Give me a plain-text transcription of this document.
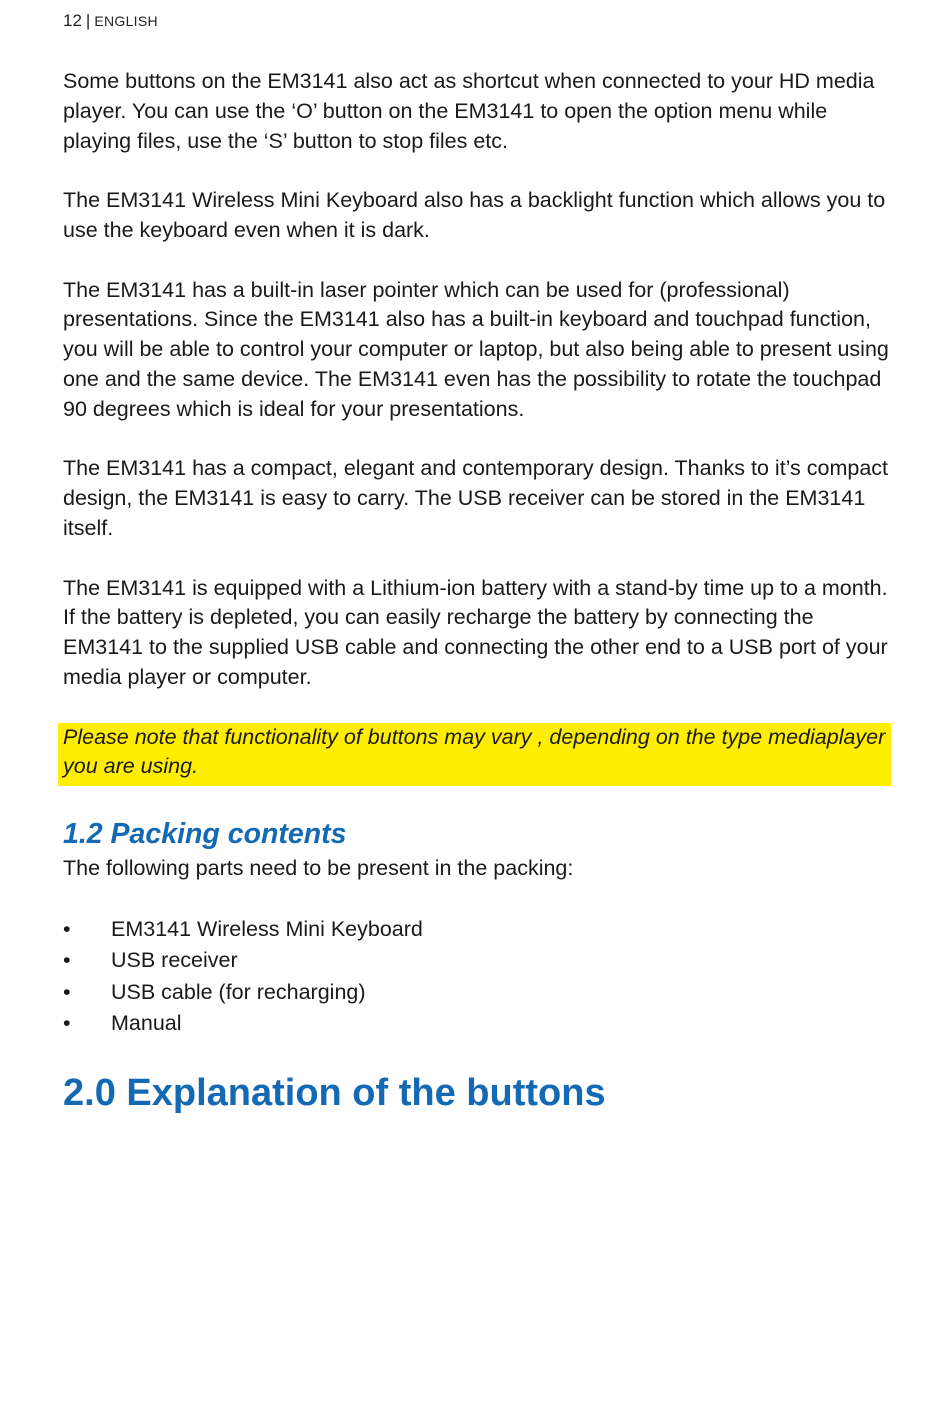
12 | ENGLISH

Some buttons on the EM3141 also act as shortcut when connected to your HD media player. You can use the ‘O’ button on the EM3141 to open the option menu while playing files, use the ‘S’ button to stop files etc.

The EM3141 Wireless Mini Keyboard also has a backlight function which allows you to use the keyboard even when it is dark.

The EM3141 has a built-in laser pointer which can be used for (professional) presentations. Since the EM3141 also has a built-in keyboard and touchpad function, you will be able to control your computer or laptop, but also being able to present using one and the same device. The EM3141 even has the possibility to rotate the touchpad 90 degrees which is ideal for your presentations.

The EM3141 has a compact, elegant and contemporary design. Thanks to it’s compact design, the EM3141 is easy to carry. The USB receiver can be stored in the EM3141 itself.

The EM3141 is equipped with a Lithium-ion battery with a stand-by time up to a month. If the battery is depleted, you can easily recharge the battery by connecting the EM3141 to the supplied USB cable and connecting the other end to a USB port of your media player or computer.

Please note that functionality of buttons may vary , depending on the type mediaplayer you are using.
1.2 Packing contents

The following parts need to be present in the packing:

• EM3141 Wireless Mini Keyboard
• USB receiver
• USB cable (for recharging)
• Manual
2.0 Explanation of the buttons
